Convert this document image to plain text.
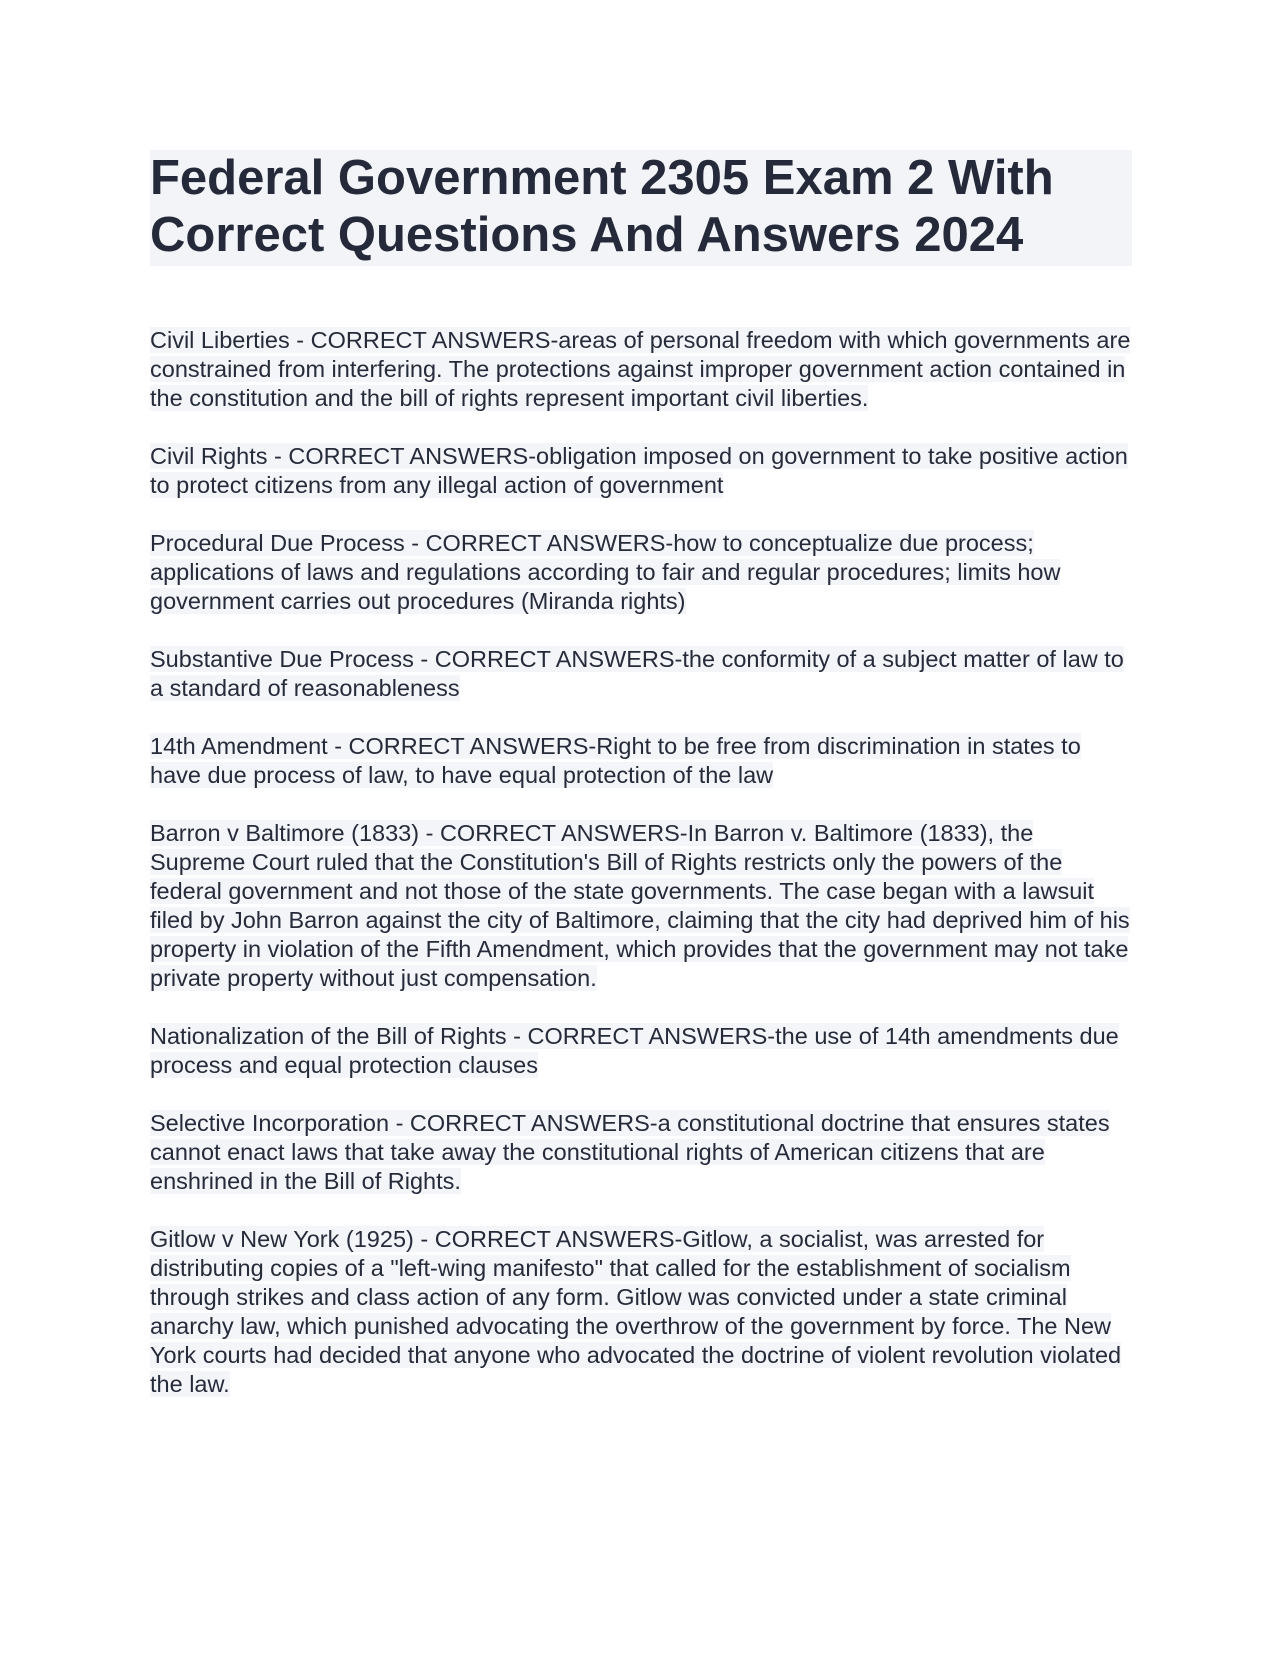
Federal Government 2305 Exam 2 With Correct Questions And Answers 2024

Civil Liberties - CORRECT ANSWERS-areas of personal freedom with which governments are constrained from interfering. The protections against improper government action contained in the constitution and the bill of rights represent important civil liberties.

Civil Rights - CORRECT ANSWERS-obligation imposed on government to take positive action to protect citizens from any illegal action of government

Procedural Due Process - CORRECT ANSWERS-how to conceptualize due process; applications of laws and regulations according to fair and regular procedures; limits how government carries out procedures (Miranda rights)

Substantive Due Process - CORRECT ANSWERS-the conformity of a subject matter of law to a standard of reasonableness

14th Amendment - CORRECT ANSWERS-Right to be free from discrimination in states to have due process of law, to have equal protection of the law

Barron v Baltimore (1833) - CORRECT ANSWERS-In Barron v. Baltimore (1833), the Supreme Court ruled that the Constitution's Bill of Rights restricts only the powers of the federal government and not those of the state governments. The case began with a lawsuit filed by John Barron against the city of Baltimore, claiming that the city had deprived him of his property in violation of the Fifth Amendment, which provides that the government may not take private property without just compensation.

Nationalization of the Bill of Rights - CORRECT ANSWERS-the use of 14th amendments due process and equal protection clauses

Selective Incorporation - CORRECT ANSWERS-a constitutional doctrine that ensures states cannot enact laws that take away the constitutional rights of American citizens that are enshrined in the Bill of Rights.

Gitlow v New York (1925) - CORRECT ANSWERS-Gitlow, a socialist, was arrested for distributing copies of a "left-wing manifesto" that called for the establishment of socialism through strikes and class action of any form. Gitlow was convicted under a state criminal anarchy law, which punished advocating the overthrow of the government by force. The New York courts had decided that anyone who advocated the doctrine of violent revolution violated the law.
